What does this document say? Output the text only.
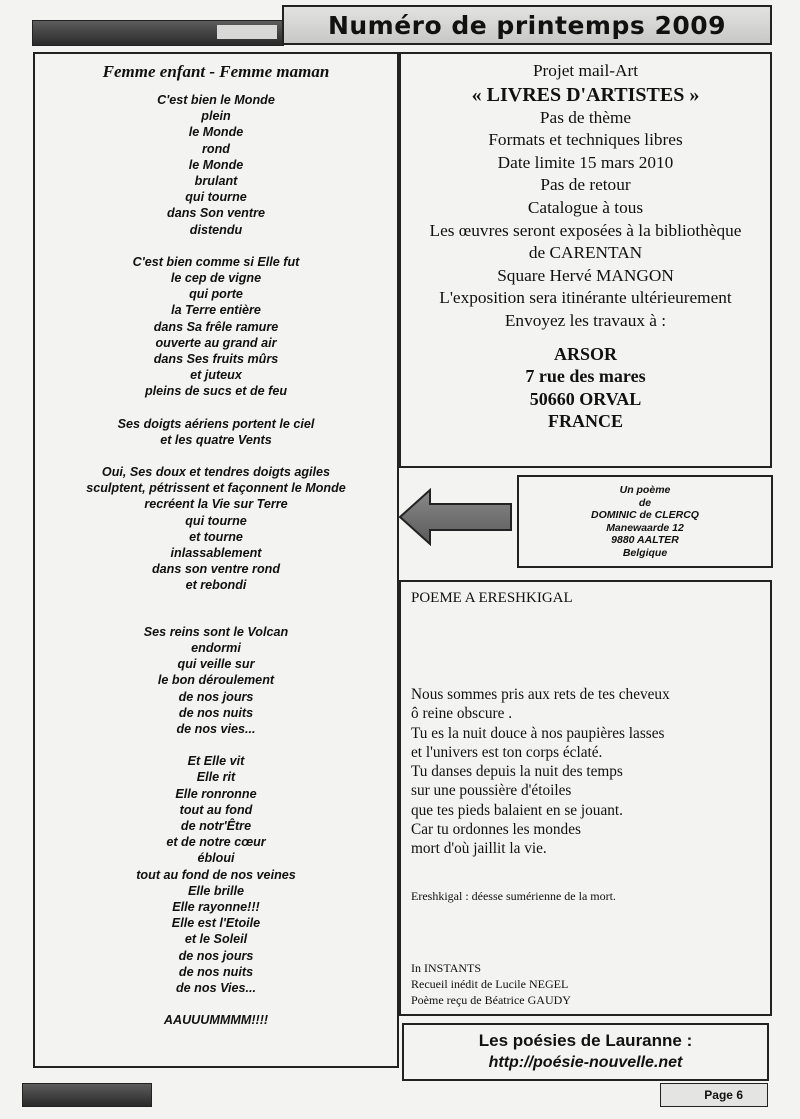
Numéro de printemps 2009
Femme enfant - Femme maman
C'est bien le Monde
plein
le Monde
rond
le Monde
brulant
qui tourne
dans Son ventre
distendu
C'est bien comme si Elle fut
le cep de vigne
qui porte
la Terre entière
dans Sa frêle ramure
ouverte au grand air
dans Ses fruits mûrs
et juteux
pleins de sucs et de feu
Ses doigts aériens portent le ciel
et les quatre Vents
Oui, Ses doux et tendres doigts agiles
sculptent, pétrissent et façonnent le Monde
recréent la Vie sur Terre
qui tourne
et tourne
inlassablement
dans son ventre rond
et rebondi
Ses reins sont le Volcan
endormi
qui veille sur
le bon déroulement
de nos jours
de nos nuits
de nos vies...
Et Elle vit
Elle rit
Elle ronronne
tout au fond
de notr'Être
et de notre cœur
ébloui
tout au fond de nos veines
Elle brille
Elle rayonne!!!
Elle est l'Etoile
et le Soleil
de nos jours
de nos nuits
de nos Vies...
AAUUUMMMM!!!!
Projet mail-Art
« LIVRES D'ARTISTES »
Pas de thème
Formats et techniques libres
Date limite 15 mars 2010
Pas de retour
Catalogue à tous
Les œuvres seront exposées à la bibliothèque
de CARENTAN
Square Hervé MANGON
L'exposition sera itinérante ultérieurement
Envoyez les travaux à :
ARSOR
7 rue des mares
50660 ORVAL
FRANCE
Un poème
de
DOMINIC de CLERCQ
Manewaarde 12
9880 AALTER
Belgique
POEME A ERESHKIGAL
Nous sommes pris aux rets de tes cheveux
ô reine obscure .
Tu es la nuit douce à nos paupières lasses
et l'univers est ton corps éclaté.
Tu danses depuis la nuit des temps
sur une poussière d'étoiles
que tes pieds balaient en se jouant.
Car tu ordonnes les mondes
mort d'où jaillit la vie.
Ereshkigal : déesse sumérienne de la mort.
In INSTANTS
Recueil inédit de Lucile NEGEL
Poème reçu de Béatrice GAUDY
Les poésies de Lauranne :
http://poésie-nouvelle.net
Page 6
